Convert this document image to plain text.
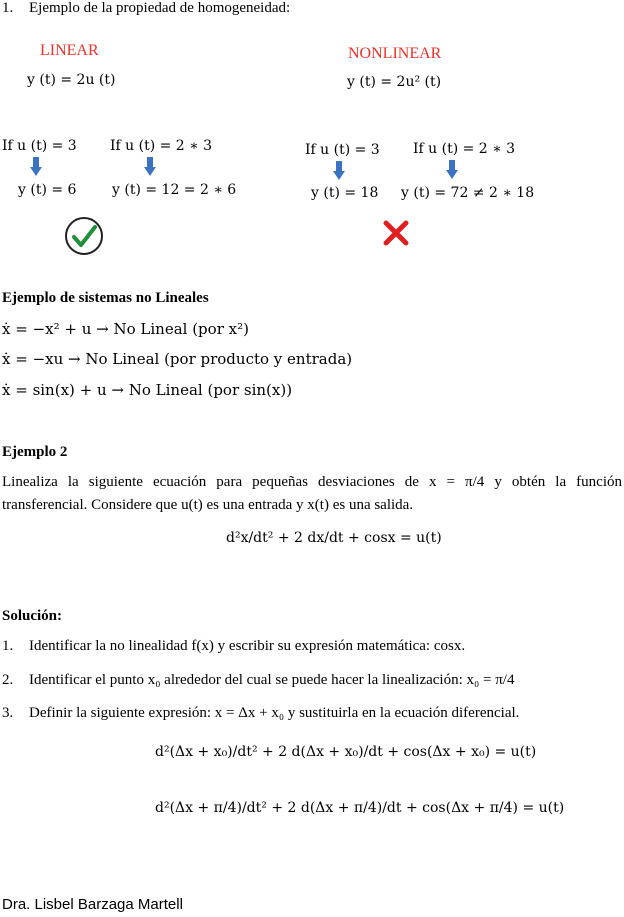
1. Ejemplo de la propiedad de homogeneidad:
LINEAR
y (t) = 2u (t)
If u (t) = 3 If u (t) = 2 ∗ 3
y (t) = 6	y (t) = 12 = 2 ∗ 6
NONLINEAR
y (t) = 2u² (t)
If u (t) = 3 If u (t) = 2 ∗ 3
y (t) = 18 y (t) = 72 ≠ 2 ∗ 18
Ejemplo de sistemas no Lineales
ẋ = −x² + u → No Lineal (por x²)
ẋ = −xu → No Lineal (por producto y entrada)
ẋ = sin(x) + u → No Lineal (por sin(x))
Ejemplo 2
Linealiza la siguiente ecuación para pequeñas desviaciones de x = π/4 y obtén la función
transferencial. Considere que u(t) es una entrada y x(t) es una salida.
d²x/dt² + 2 dx/dt + cosx = u(t)
Solución:
1. Identificar la no linealidad f(x) y escribir su expresión matemática: cosx.
2. Identificar el punto x₀ alrededor del cual se puede hacer la linealización: x₀ = π/4
3. Definir la siguiente expresión: x = Δx + x₀ y sustituirla en la ecuación diferencial.
d²(Δx + x₀)/dt² + 2 d(Δx + x₀)/dt + cos(Δx + x₀) = u(t)
d²(Δx + π/4)/dt² + 2 d(Δx + π/4)/dt + cos(Δx + π/4) = u(t)
Dra. Lisbel Barzaga Martell
